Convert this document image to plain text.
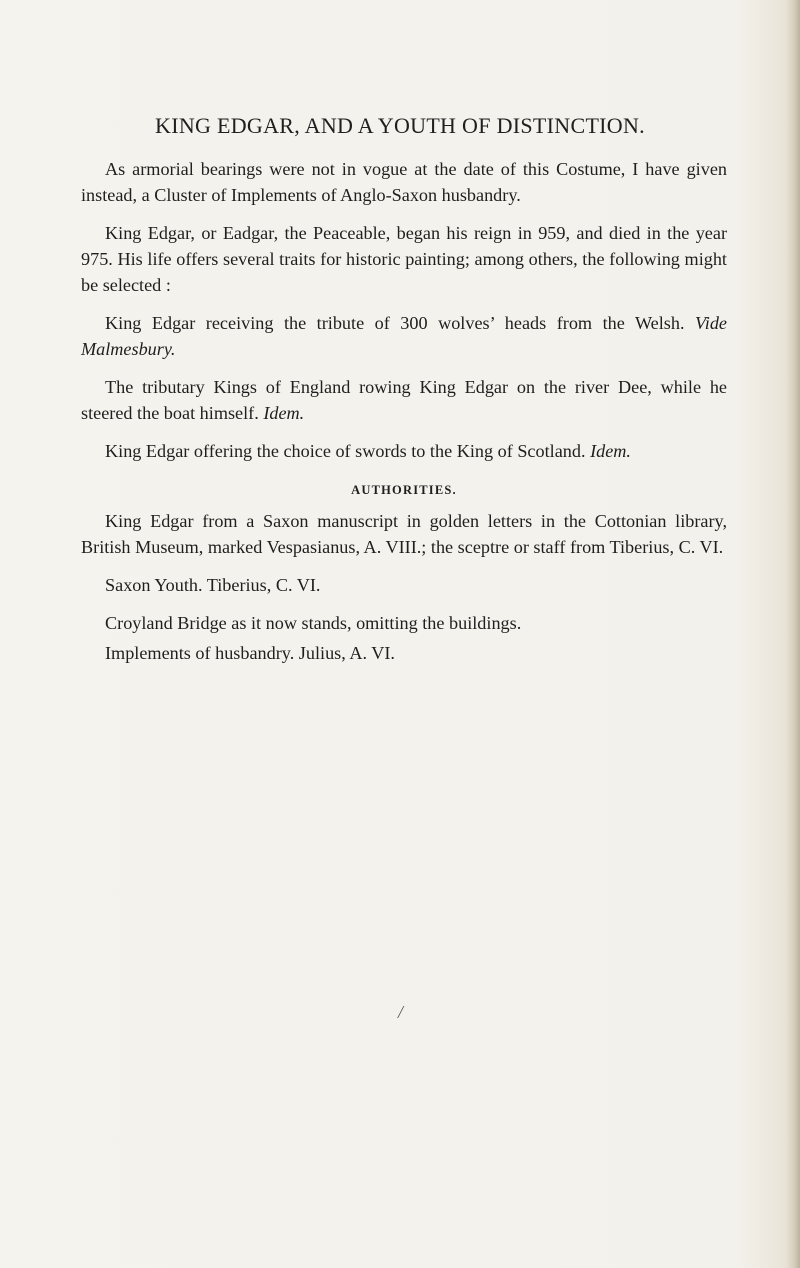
KING EDGAR, AND A YOUTH OF DISTINCTION.

As armorial bearings were not in vogue at the date of this Costume, I have given instead, a Cluster of Implements of Anglo-Saxon husbandry.

King Edgar, or Eadgar, the Peaceable, began his reign in 959, and died in the year 975. His life offers several traits for historic painting; among others, the following might be selected :

King Edgar receiving the tribute of 300 wolves’ heads from the Welsh. Vide Malmesbury.

The tributary Kings of England rowing King Edgar on the river Dee, while he steered the boat himself. Idem.

King Edgar offering the choice of swords to the King of Scotland. Idem.

AUTHORITIES.

King Edgar from a Saxon manuscript in golden letters in the Cottonian library, British Museum, marked Vespasianus, A. VIII.; the sceptre or staff from Tiberius, C. VI.

Saxon Youth. Tiberius, C. VI.

Croyland Bridge as it now stands, omitting the buildings.

Implements of husbandry. Julius, A. VI.

/
